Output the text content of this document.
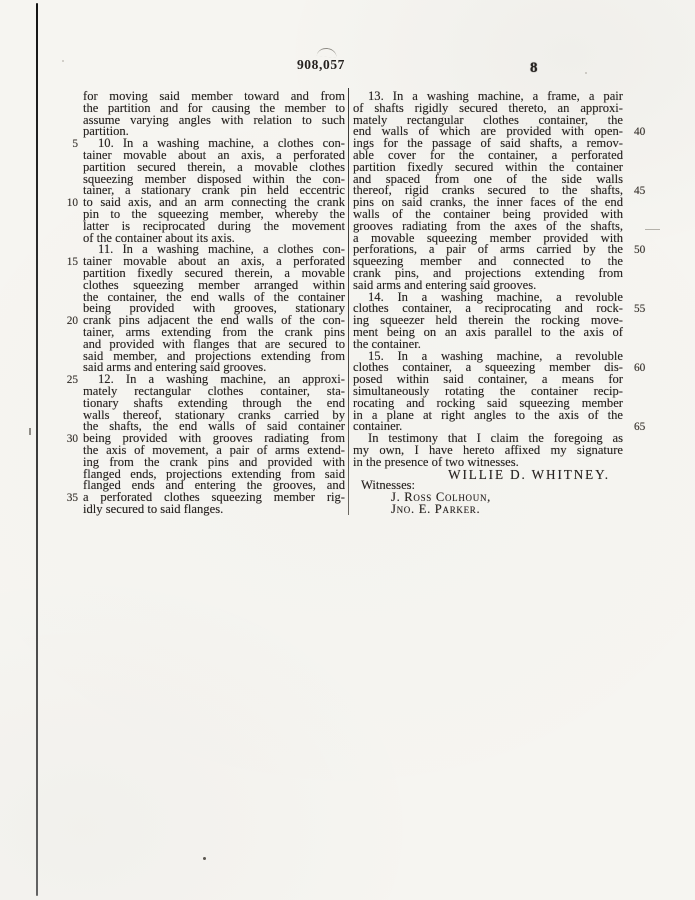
908,057	8
for moving said member toward and from
the partition and for causing the member to
assume varying angles with relation to such
partition.
5	10. In a washing machine, a clothes con-
tainer movable about an axis, a perforated
partition secured therein, a movable clothes
squeezing member disposed within the con-
tainer, a stationary crank pin held eccentric
10 to said axis, and an arm connecting the crank
pin to the squeezing member, whereby the
latter is reciprocated during the movement
of the container about its axis.
11. In a washing machine, a clothes con-
15 tainer movable about an axis, a perforated
partition fixedly secured therein, a movable
clothes squeezing member arranged within
the container, the end walls of the container
being provided with grooves, stationary
20 crank pins adjacent the end walls of the con-
tainer, arms extending from the crank pins
and provided with flanges that are secured to
said member, and projections extending from
said arms and entering said grooves.
25	12. In a washing machine, an approxi-
mately rectangular clothes container, sta-
tionary shafts extending through the end
walls thereof, stationary cranks carried by
the shafts, the end walls of said container
30 being provided with grooves radiating from
the axis of movement, a pair of arms extend-
ing from the crank pins and provided with
flanged ends, projections extending from said
flanged ends and entering the grooves, and
35 a perforated clothes squeezing member rig-
idly secured to said flanges.
13. In a washing machine, a frame, a pair
of shafts rigidly secured thereto, an approxi-
mately rectangular clothes container, the
end walls of which are provided with open- 40
ings for the passage of said shafts, a remov-
able cover for the container, a perforated
partition fixedly secured within the container
and spaced from one of the side walls
thereof, rigid cranks secured to the shafts, 45
pins on said cranks, the inner faces of the end
walls of the container being provided with
grooves radiating from the axes of the shafts,
a movable squeezing member provided with
perforations, a pair of arms carried by the 50
squeezing member and connected to the
crank pins, and projections extending from
said arms and entering said grooves.
14. In a washing machine, a revoluble
clothes container, a reciprocating and rock- 55
ing squeezer held therein the rocking move-
ment being on an axis parallel to the axis of
the container.
15. In a washing machine, a revoluble
clothes container, a squeezing member dis- 60
posed within said container, a means for
simultaneously rotating the container recip-
rocating and rocking said squeezing member
in a plane at right angles to the axis of the
container.	65
In testimony that I claim the foregoing as
my own, I have hereto affixed my signature
in the presence of two witnesses.
WILLIE D. WHITNEY.
Witnesses:
J. Ross Colhoun,
Jno. E. Parker.
